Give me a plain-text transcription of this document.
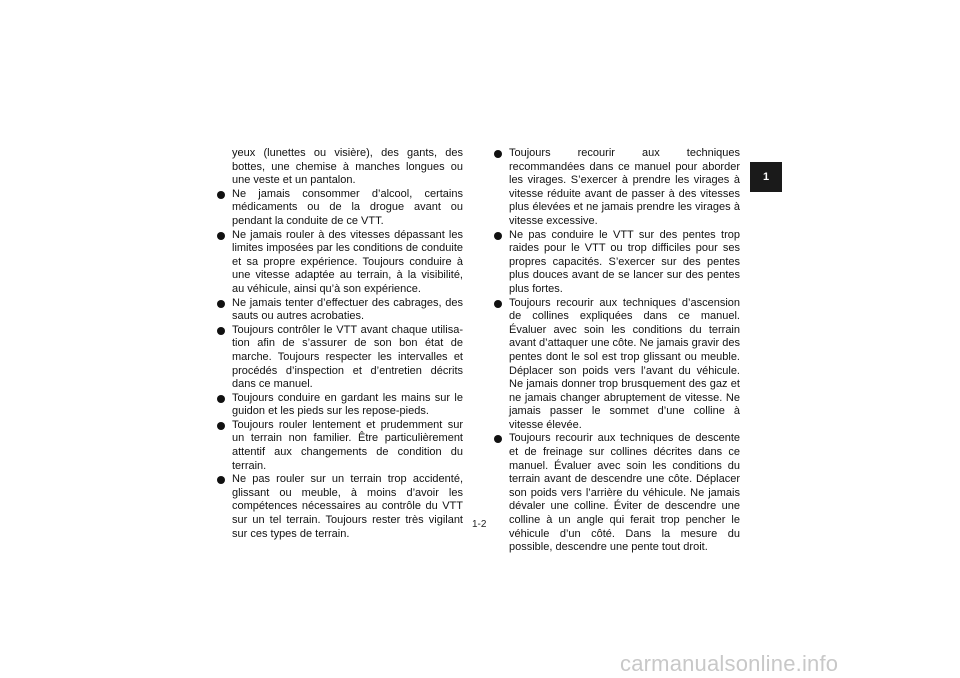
yeux (lunettes ou visière), des gants, des bottes, une chemise à manches longues ou une veste et un pantalon.

Ne jamais consommer d’alcool, certains médicaments ou de la drogue avant ou pendant la conduite de ce VTT.
Ne jamais rouler à des vitesses dépassant les limites imposées par les conditions de conduite et sa propre expérience. Toujours conduire à une vitesse adaptée au terrain, à la visibilité, au véhicule, ainsi qu’à son expérience.
Ne jamais tenter d’effectuer des cabrages, des sauts ou autres acrobaties.
Toujours contrôler le VTT avant chaque utilisation afin de s’assurer de son bon état de marche. Toujours respecter les intervalles et procédés d’inspection et d’entretien décrits dans ce manuel.
Toujours conduire en gardant les mains sur le guidon et les pieds sur les repose-pieds.
Toujours rouler lentement et prudemment sur un terrain non familier. Être particulièrement attentif aux changements de condition du terrain.
Ne pas rouler sur un terrain trop accidenté, glissant ou meuble, à moins d’avoir les compétences nécessaires au contrôle du VTT sur un tel terrain. Toujours rester très vigilant sur ces types de terrain.
Toujours recourir aux techniques recommandées dans ce manuel pour aborder les virages. S’exercer à prendre les virages à vitesse réduite avant de passer à des vitesses plus élevées et ne jamais prendre les virages à vitesse excessive.
Ne pas conduire le VTT sur des pentes trop raides pour le VTT ou trop difficiles pour ses propres capacités. S’exercer sur des pentes plus douces avant de se lancer sur des pentes plus fortes.
Toujours recourir aux techniques d’ascension de collines expliquées dans ce manuel. Évaluer avec soin les conditions du terrain avant d’attaquer une côte. Ne jamais gravir des pentes dont le sol est trop glissant ou meuble. Déplacer son poids vers l’avant du véhicule. Ne jamais donner trop brusquement des gaz et ne jamais changer abruptement de vitesse. Ne jamais passer le sommet d’une colline à vitesse élevée.
Toujours recourir aux techniques de descente et de freinage sur collines décrites dans ce manuel. Évaluer avec soin les conditions du terrain avant de descendre une côte. Déplacer son poids vers l’arrière du véhicule. Ne jamais dévaler une colline. Éviter de descendre une colline à un angle qui ferait trop pencher le véhicule d’un côté. Dans la mesure du possible, descendre une pente tout droit.
1
1-2
carmanualsonline.info
